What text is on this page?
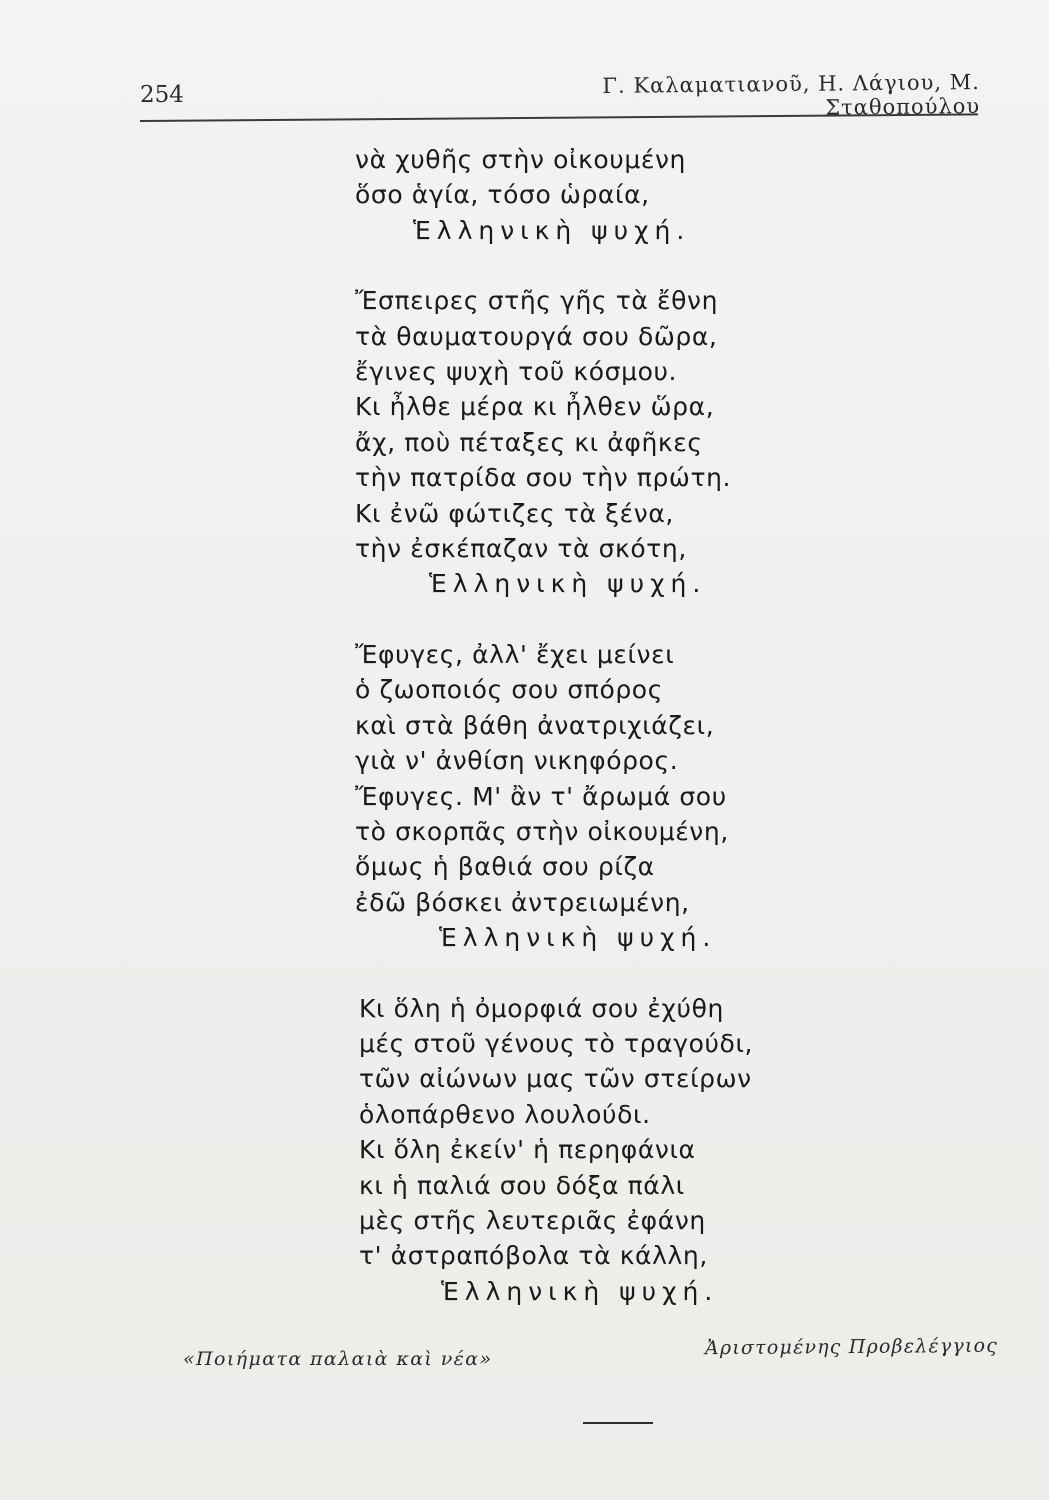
254	Γ. Καλαματιανοῦ, Η. Λάγιου, Μ. Σταθοπούλου
νὰ χυθῆς στὴν οἰκουμένη
ὅσο ἁγία, τόσο ὡραία,
Ἑλληνικὴ ψυχή.
Ἔσπειρες στῆς γῆς τὰ ἔθνη
τὰ θαυματουργά σου δῶρα,
ἔγινες ψυχὴ τοῦ κόσμου.
Κι ἦλθε μέρα κι ἦλθεν ὥρα,
ἄχ, ποὺ πέταξες κι ἀφῆκες
τὴν πατρίδα σου τὴν πρώτη.
Κι ἐνῶ φώτιζες τὰ ξένα,
τὴν ἐσκέπαζαν τὰ σκότη,
Ἑλληνικὴ ψυχή.
Ἔφυγες, ἀλλ' ἔχει μείνει
ὁ ζωοποιός σου σπόρος
καὶ στὰ βάθη ἀνατριχιάζει,
γιὰ ν' ἀνθίση νικηφόρος.
Ἔφυγες. Μ' ἂν τ' ἄρωμά σου
τὸ σκορπᾶς στὴν οἰκουμένη,
ὅμως ἡ βαθιά σου ρίζα
ἐδῶ βόσκει ἀντρειωμένη,
Ἑλληνικὴ ψυχή.
Κι ὅλη ἡ ὀμορφιά σου ἐχύθη
μές στοῦ γένους τὸ τραγούδι,
τῶν αἰώνων μας τῶν στείρων
ὁλοπάρθενο λουλούδι.
Κι ὅλη ἐκείν' ἡ περηφάνια
κι ἡ παλιά σου δόξα πάλι
μὲς στῆς λευτεριᾶς ἐφάνη
τ' ἀστραπόβολα τὰ κάλλη,
Ἑλληνικὴ ψυχή.
«Ποιήματα παλαιὰ καὶ νέα»	Ἀριστομένης Προβελέγγιος
